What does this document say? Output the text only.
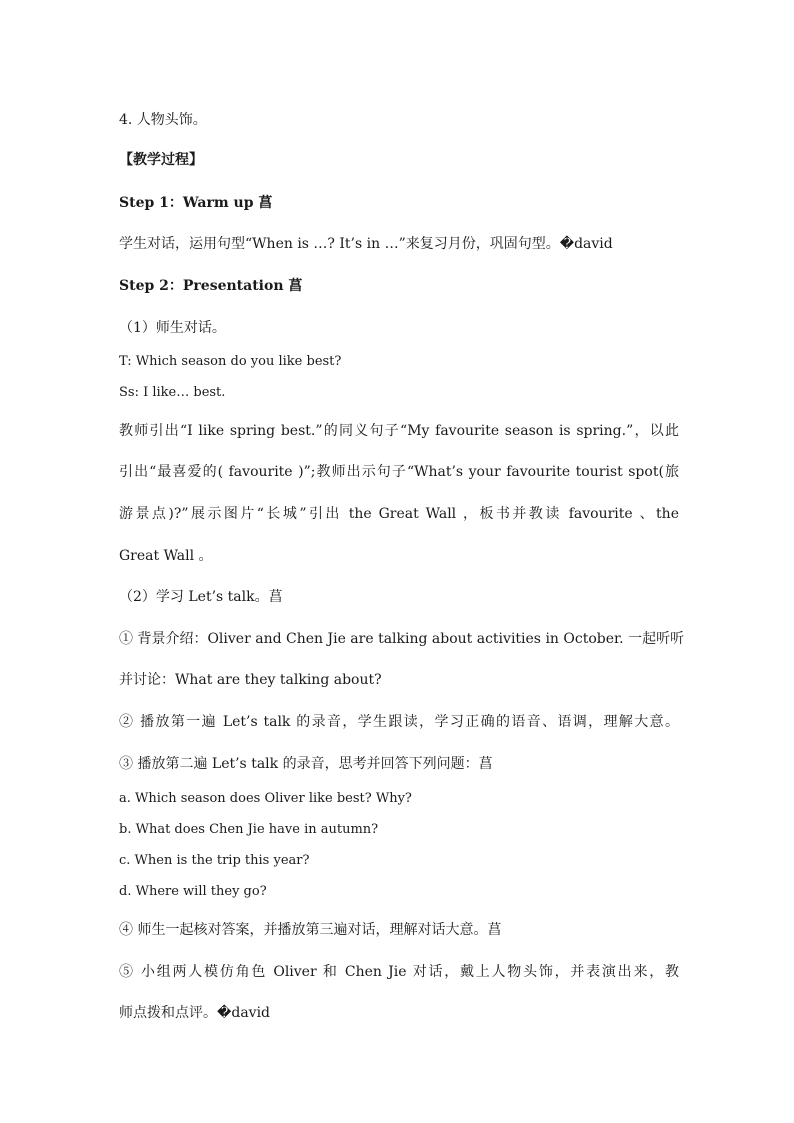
4. 人物头饰。
【教学过程】
Step 1：Warm up 菖
学生对话，运用句型“When is …? It’s in …”来复习月份，巩固句型。�david
Step 2：Presentation 菖
（1）师生对话。
T: Which season do you like best?
Ss: I like… best.
教师引出“I like spring best.”的同义句子“My favourite season is spring.”，以此
引出“最喜爱的( favourite )”;教师出示句子“What’s your favourite tourist spot(旅
游景点)?”展示图片“长城”引出 the Great Wall ，板书并教读 favourite 、the
Great Wall 。
（2）学习 Let’s talk。菖
① 背景介绍：Oliver and Chen Jie are talking about activities in October. 一起听听
并讨论：What are they talking about?
② 播放第一遍 Let’s talk 的录音，学生跟读，学习正确的语音、语调，理解大意。
③ 播放第二遍 Let’s talk 的录音，思考并回答下列问题：菖
a. Which season does Oliver like best? Why?
b. What does Chen Jie have in autumn?
c. When is the trip this year?
d. Where will they go?
④ 师生一起核对答案，并播放第三遍对话，理解对话大意。菖
⑤ 小组两人模仿角色 Oliver 和 Chen Jie 对话，戴上人物头饰，并表演出来，教
师点拨和点评。�david
